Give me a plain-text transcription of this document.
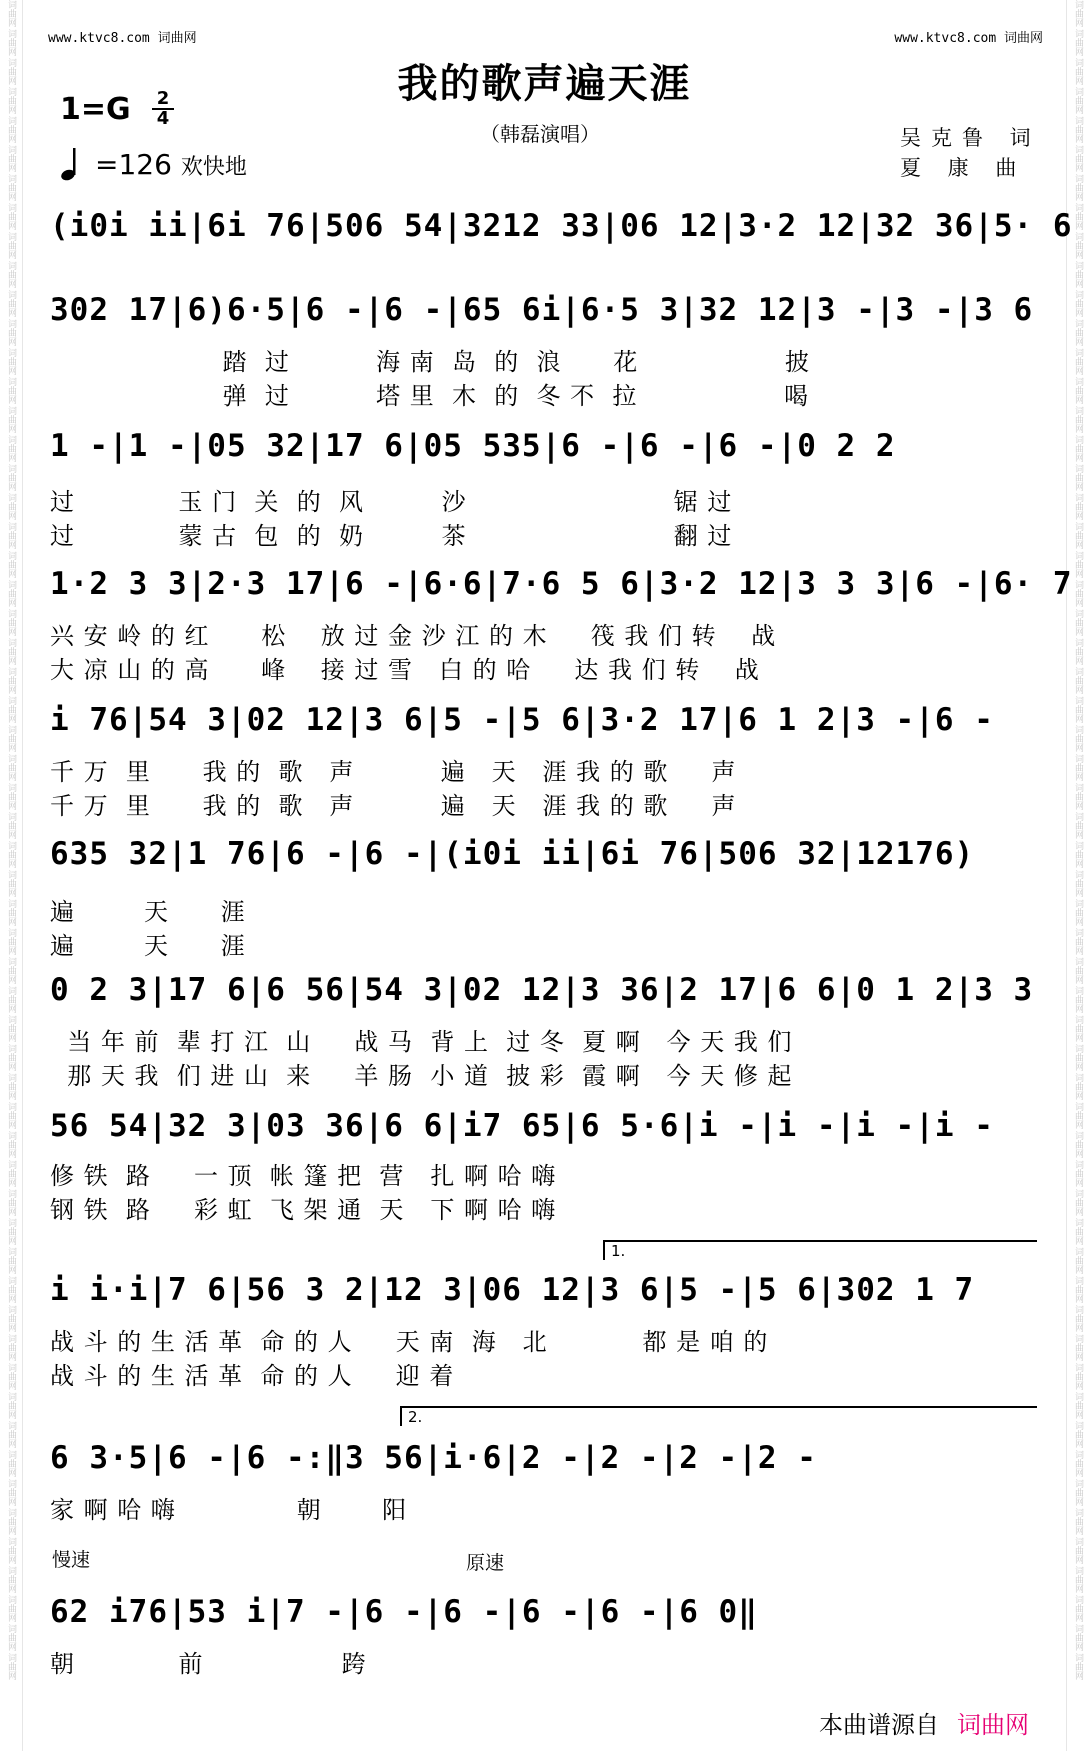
词曲网
词曲网
词曲网
词曲网
词曲网
词曲网
词曲网
词曲网
词曲网
词曲网
词曲网
词曲网
词曲网
词曲网
词曲网
词曲网
词曲网
词曲网
词曲网
词曲网
词曲网
词曲网
词曲网
词曲网
词曲网
词曲网
词曲网
词曲网
词曲网
词曲网
词曲网
词曲网
词曲网
词曲网
词曲网
词曲网
词曲网
词曲网
词曲网
词曲网
词曲网
词曲网
词曲网
词曲网
词曲网
词曲网
词曲网
词曲网
词曲网
词曲网
词曲网
词曲网
词曲网
词曲网
词曲网
词曲网
词曲网
词曲网
词曲网
词曲网
词曲网
词曲网
词曲网
词曲网
词曲网
词曲网
词曲网
词曲网
词曲网
词曲网
词曲网
词曲网
词曲网
词曲网
词曲网
词曲网
词曲网
词曲网
词曲网
词曲网
词曲网
词曲网
词曲网
词曲网
词曲网
词曲网
词曲网
词曲网
词曲网
词曲网
词曲网
词曲网
词曲网
词曲网
词曲网
词曲网
词曲网
词曲网
词曲网
词曲网
词曲网
词曲网
词曲网
词曲网
词曲网
词曲网
词曲网
词曲网
词曲网
词曲网
词曲网
词曲网
词曲网
词曲网
词曲网
词曲网
www.ktvc8.com 词曲网	www.ktvc8.com 词曲网
我的歌声遍天涯
$1=G \frac{2}{4}$
=126 欢快地
（韩磊演唱）	吴克鲁 词
夏 康 曲
(i0i ii|6i 76|506 54|3212 33|06 12|3·2 12|32 36|5· 6
302 17|6)6·5|6 -|6 -|65 6i|6·5 3|32 12|3 -|3 -|3 6
踏  过          海 南  岛  的  浪      花                 披
弹  过          塔 里  木  的  冬 不  拉                 喝
1 -|1 -|05 32|17 6|05 535|6 -|6 -|6 -|0 2 2
过            玉 门  关  的  风         沙                        锯 过
过            蒙 古  包  的  奶         茶                        翻 过
1·2 3 3|2·3 17|6 -|6·6|7·6 5 6|3·2 12|3 3 3|6 -|6· 7
兴 安 岭 的 红      松    放 过 金 沙 江 的 木     筏 我 们 转    战
大 凉 山 的 高      峰    接 过 雪   白 的 哈     达 我 们 转    战
i 76|54 3|02 12|3 6|5 -|5 6|3·2 17|6 1 2|3 -|6 -
千 万  里      我 的  歌   声          遍   天   涯 我 的 歌     声
千 万  里      我 的  歌   声          遍   天   涯 我 的 歌     声
635 32|1 76|6 -|6 -|(i0i ii|6i 76|506 32|12176)
遍        天      涯
遍        天      涯
0 2 3|17 6|6 56|54 3|02 12|3 36|2 17|6 6|0 1 2|3 3
当 年 前  辈 打 江  山     战 马  背 上  过 冬  夏 啊   今 天 我 们
那 天 我  们 进 山  来     羊 肠  小 道  披 彩  霞 啊   今 天 修 起
56 54|32 3|03 36|6 6|i7 65|6 5·6|i -|i -|i -|i -
修 铁  路     一 顶  帐 篷 把  营   扎 啊 哈 嗨
钢 铁  路     彩 虹  飞 架 通  天   下 啊 哈 嗨
1.
i i·i|7 6|56 3 2|12 3|06 12|3 6|5 -|5 6|302 1 7
战 斗 的 生 活 革  命 的 人     天 南  海   北           都 是 咱 的
战 斗 的 生 活 革  命 的 人     迎 着
2.
6 3·5|6 -|6 -:‖3 56|i·6|2 -|2 -|2 -|2 -
家 啊 哈 嗨              朝       阳
慢速	原速
62 i76|53 i|7 -|6 -|6 -|6 -|6 -|6 0‖
朝            前                跨
本曲谱源自 词曲网
